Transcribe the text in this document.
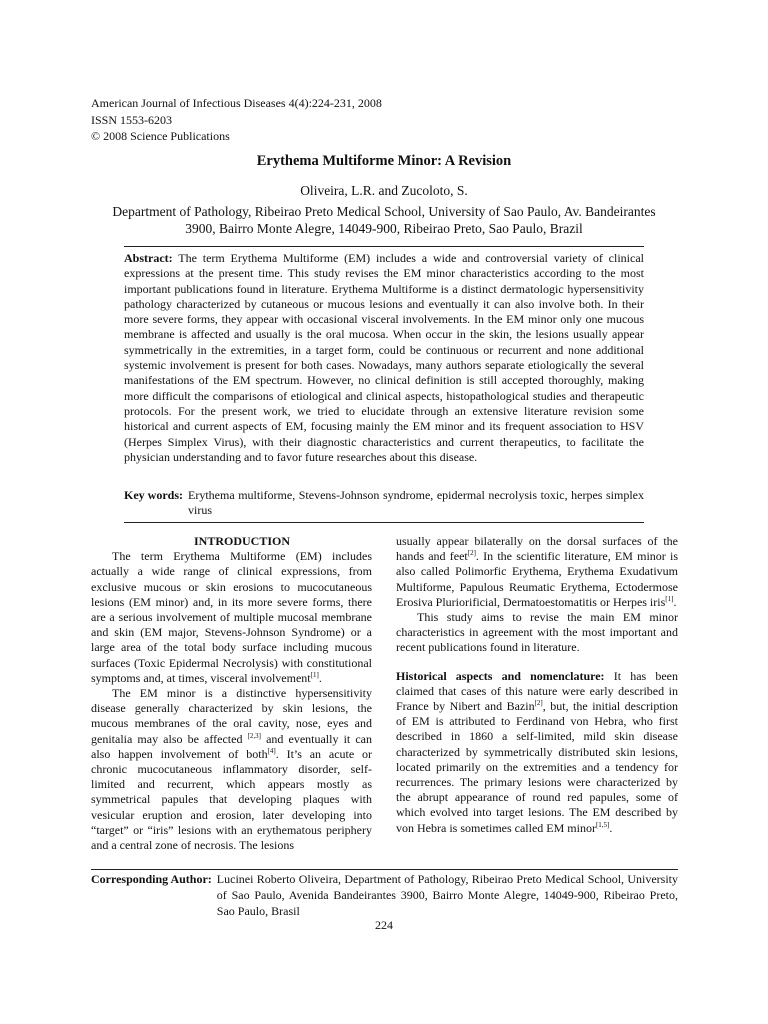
American Journal of Infectious Diseases 4(4):224-231, 2008
ISSN 1553-6203
© 2008 Science Publications
Erythema Multiforme Minor: A Revision
Oliveira, L.R. and Zucoloto, S.
Department of Pathology, Ribeirao Preto Medical School, University of Sao Paulo, Av. Bandeirantes 3900, Bairro Monte Alegre, 14049-900, Ribeirao Preto, Sao Paulo, Brazil
Abstract: The term Erythema Multiforme (EM) includes a wide and controversial variety of clinical expressions at the present time. This study revises the EM minor characteristics according to the most important publications found in literature. Erythema Multiforme is a distinct dermatologic hypersensitivity pathology characterized by cutaneous or mucous lesions and eventually it can also involve both. In their more severe forms, they appear with occasional visceral involvements. In the EM minor only one mucous membrane is affected and usually is the oral mucosa. When occur in the skin, the lesions usually appear symmetrically in the extremities, in a target form, could be continuous or recurrent and none additional systemic involvement is present for both cases. Nowadays, many authors separate etiologically the several manifestations of the EM spectrum. However, no clinical definition is still accepted thoroughly, making more difficult the comparisons of etiological and clinical aspects, histopathological studies and therapeutic protocols. For the present work, we tried to elucidate through an extensive literature revision some historical and current aspects of EM, focusing mainly the EM minor and its frequent association to HSV (Herpes Simplex Virus), with their diagnostic characteristics and current therapeutics, to facilitate the physician understanding and to favor future researches about this disease.
Key words: Erythema multiforme, Stevens-Johnson syndrome, epidermal necrolysis toxic, herpes simplex virus

INTRODUCTION

The term Erythema Multiforme (EM) includes actually a wide range of clinical expressions, from exclusive mucous or skin erosions to mucocutaneous lesions (EM minor) and, in its more severe forms, there are a serious involvement of multiple mucosal membrane and skin (EM major, Stevens-Johnson Syndrome) or a large area of the total body surface including mucous surfaces (Toxic Epidermal Necrolysis) with constitutional symptoms and, at times, visceral involvement[1].

The EM minor is a distinctive hypersensitivity disease generally characterized by skin lesions, the mucous membranes of the oral cavity, nose, eyes and genitalia may also be affected [2,3] and eventually it can also happen involvement of both[4]. It’s an acute or chronic mucocutaneous inflammatory disorder, self-limited and recurrent, which appears mostly as symmetrical papules that developing plaques with vesicular eruption and erosion, later developing into “target” or “iris” lesions with an erythematous periphery and a central zone of necrosis. The lesions

usually appear bilaterally on the dorsal surfaces of the hands and feet[2]. In the scientific literature, EM minor is also called Polimorfic Erythema, Erythema Exudativum Multiforme, Papulous Reumatic Erythema, Ectodermose Erosiva Pluriorificial, Dermatoestomatitis or Herpes iris[1].

This study aims to revise the main EM minor characteristics in agreement with the most important and recent publications found in literature.

Historical aspects and nomenclature: It has been claimed that cases of this nature were early described in France by Nibert and Bazin[2], but, the initial description of EM is attributed to Ferdinand von Hebra, who first described in 1860 a self-limited, mild skin disease characterized by symmetrically distributed skin lesions, located primarily on the extremities and a tendency for recurrences. The primary lesions were characterized by the abrupt appearance of round red papules, some of which evolved into target lesions. The EM described by von Hebra is sometimes called EM minor[1,5].

Corresponding Author: Lucinei Roberto Oliveira, Department of Pathology, Ribeirao Preto Medical School, University of Sao Paulo, Avenida Bandeirantes 3900, Bairro Monte Alegre, 14049-900, Ribeirao Preto, Sao Paulo, Brasil
224
